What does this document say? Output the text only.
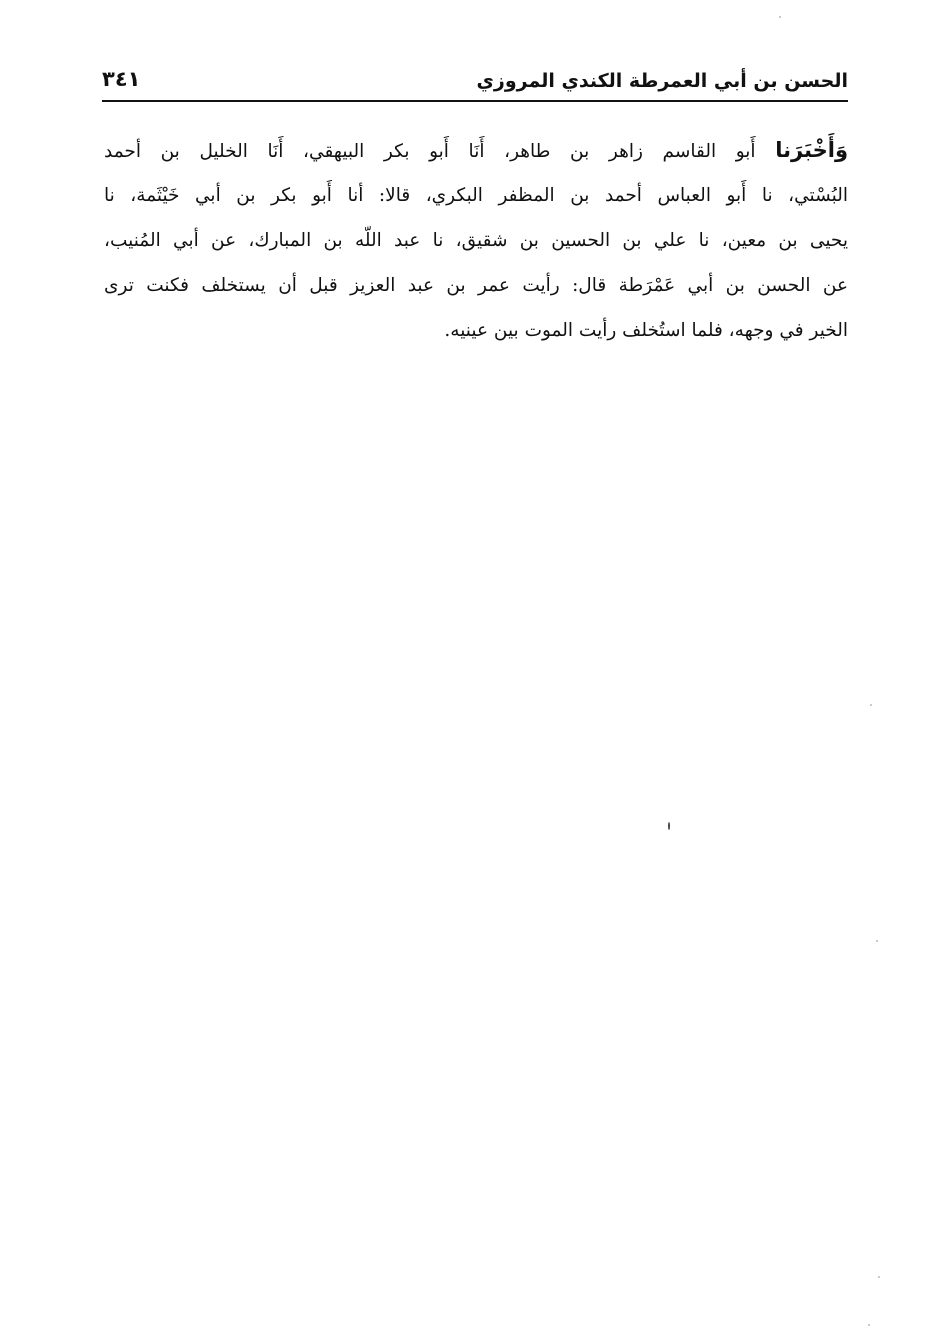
الحسن بن أبي العمرطة الكندي المروزي
٣٤١
وَأَخْبَرَنا أَبو القاسم زاهر بن طاهر، أَنَا أَبو بكر البيهقي، أَنَا الخليل بن أحمد
البُسْتي، نا أَبو العباس أحمد بن المظفر البكري، قالا: أنا أَبو بكر بن أبي خَيْثَمة، نا
يحيى بن معين، نا علي بن الحسين بن شقيق، نا عبد اللّه بن المبارك، عن أبي المُنيب،
عن الحسن بن أبي عَمْرَطة قال: رأيت عمر بن عبد العزيز قبل أن يستخلف فكنت ترى
الخير في وجهه، فلما استُخلف رأيت الموت بين عينيه.
